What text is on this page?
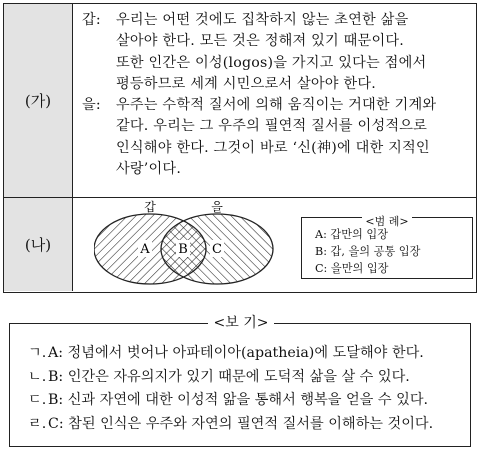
(가)
갑:	우리는 어떤 것에도 집착하지 않는 초연한 삶을
살아야 한다. 모든 것은 정해져 있기 때문이다.
또한 인간은 이성(logos)을 가지고 있다는 점에서
평등하므로 세계 시민으로서 살아야 한다.
을:	우주는 수학적 질서에 의해 움직이는 거대한 기계와
같다. 우리는 그 우주의 필연적 질서를 이성적으로
인식해야 한다. 그것이 바로 ‘신(神)에 대한 지적인
사랑’이다.
(나)	A B C
갑	을
<범 례>
A: 갑만의 입장
B: 갑, 을의 공통 입장
C: 을만의 입장
ㄱ. A: 정념에서 벗어나 아파테이아(apatheia)에 도달해야 한다.
ㄴ. B: 인간은 자유의지가 있기 때문에 도덕적 삶을 살 수 있다.
ㄷ. B: 신과 자연에 대한 이성적 앎을 통해서 행복을 얻을 수 있다.
ㄹ. C: 참된 인식은 우주와 자연의 필연적 질서를 이해하는 것이다.
<보 기>
